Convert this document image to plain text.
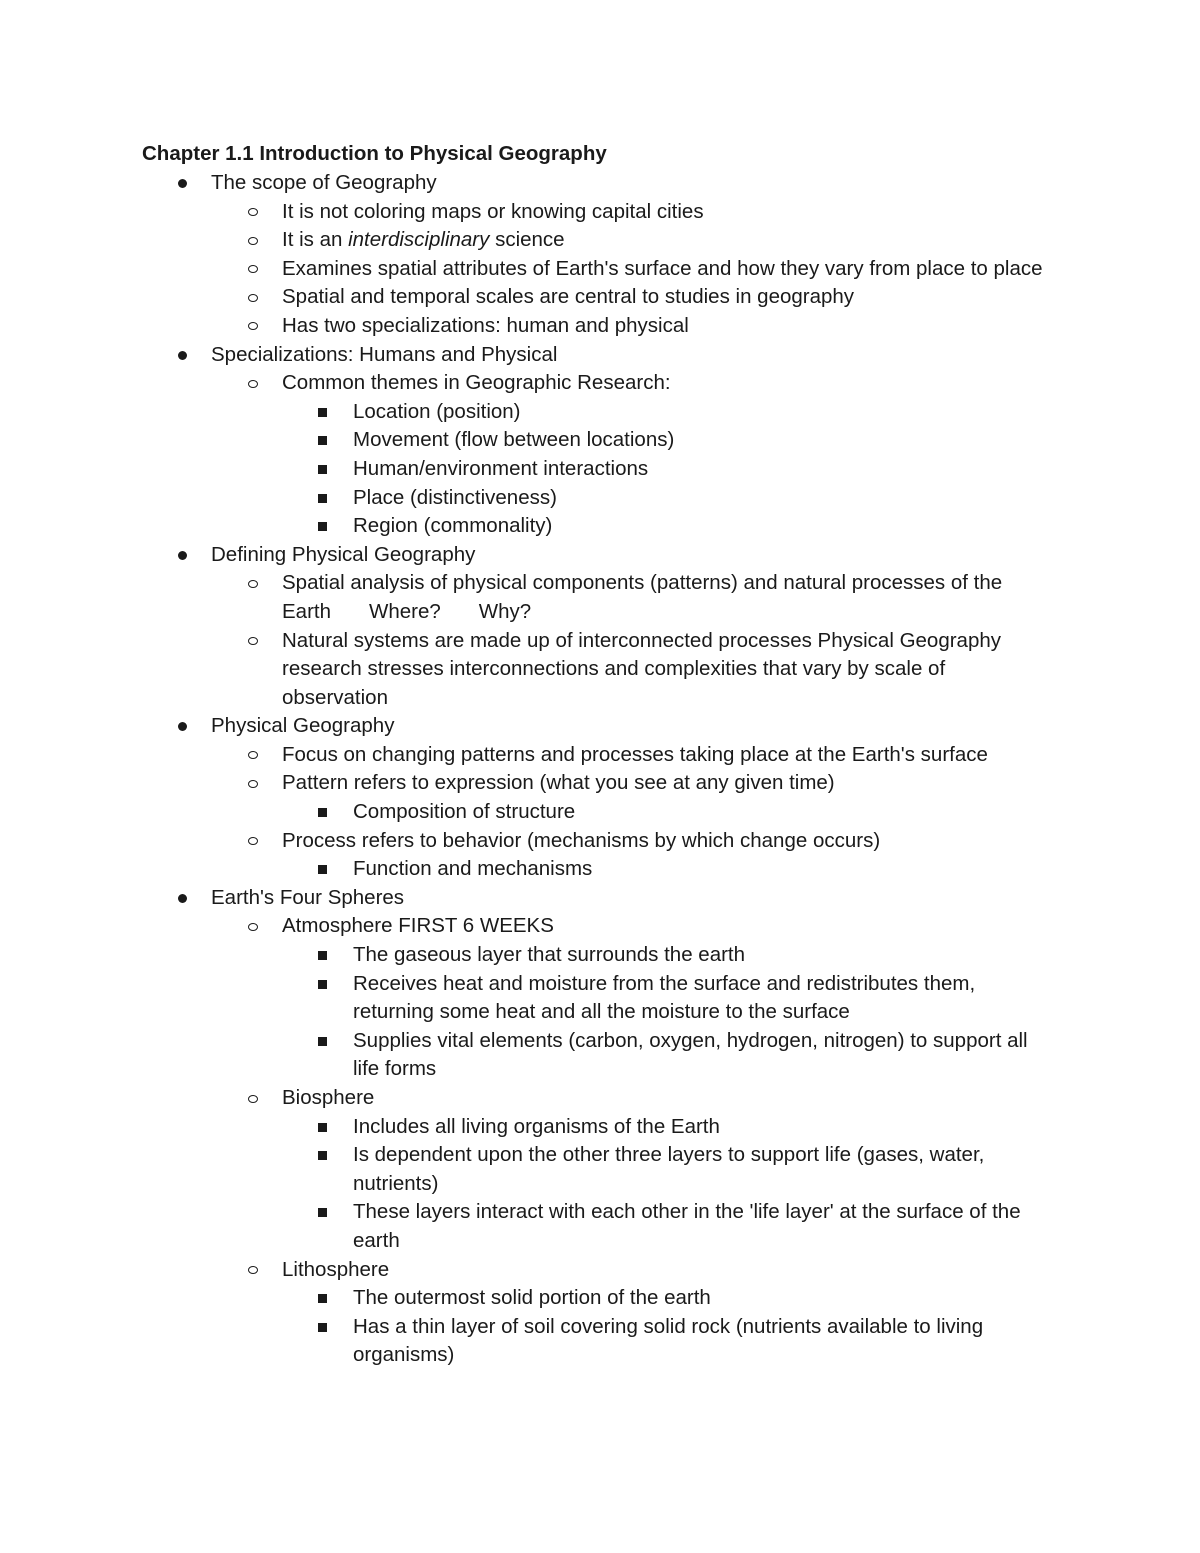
Chapter 1.1 Introduction to Physical Geography
The scope of Geography
It is not coloring maps or knowing capital cities
It is an interdisciplinary science
Examines spatial attributes of Earth's surface and how they vary from place to place
Spatial and temporal scales are central to studies in geography
Has two specializations: human and physical
Specializations: Humans and Physical
Common themes in Geographic Research:
Location (position)
Movement (flow between locations)
Human/environment interactions
Place (distinctiveness)
Region (commonality)
Defining Physical Geography
Spatial analysis of physical components (patterns) and natural processes of the Earth Where? Why?
Natural systems are made up of interconnected processes Physical Geography research stresses interconnections and complexities that vary by scale of observation
Physical Geography
Focus on changing patterns and processes taking place at the Earth's surface
Pattern refers to expression (what you see at any given time)
Composition of structure
Process refers to behavior (mechanisms by which change occurs)
Function and mechanisms
Earth's Four Spheres
Atmosphere FIRST 6 WEEKS
The gaseous layer that surrounds the earth
Receives heat and moisture from the surface and redistributes them, returning some heat and all the moisture to the surface
Supplies vital elements (carbon, oxygen, hydrogen, nitrogen) to support all life forms
Biosphere
Includes all living organisms of the Earth
Is dependent upon the other three layers to support life (gases, water, nutrients)
These layers interact with each other in the 'life layer' at the surface of the earth
Lithosphere
The outermost solid portion of the earth
Has a thin layer of soil covering solid rock (nutrients available to living organisms)
